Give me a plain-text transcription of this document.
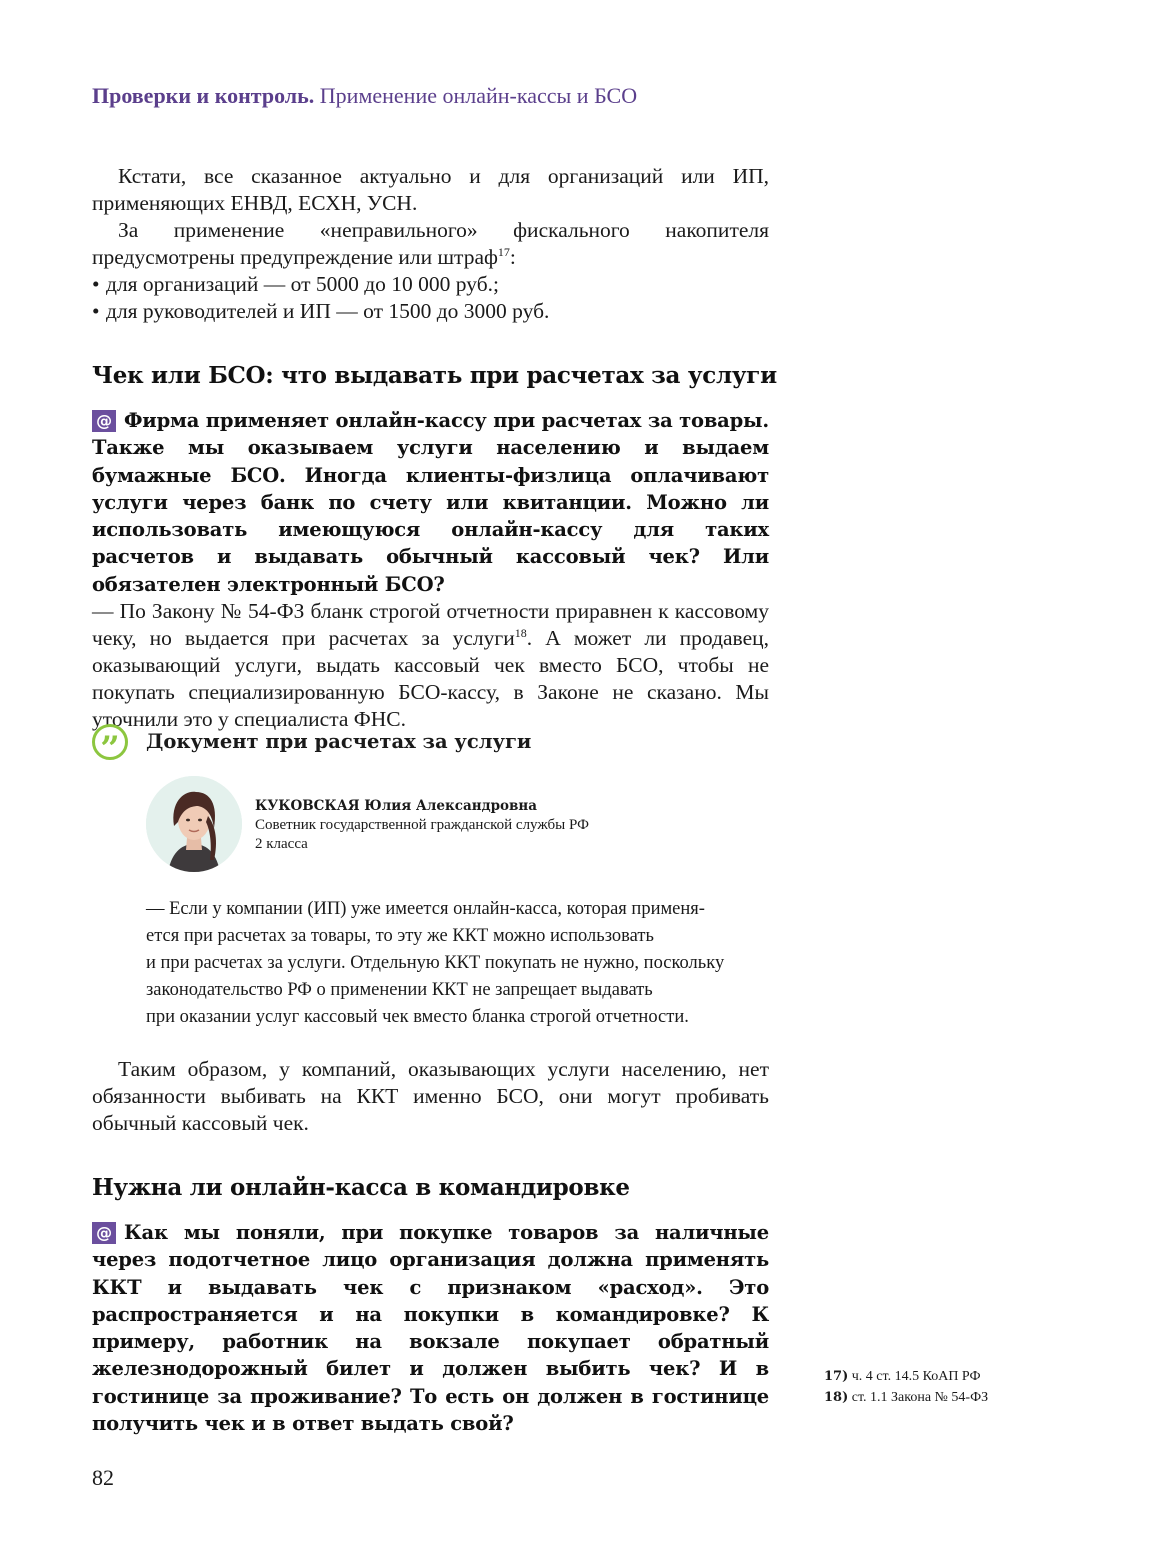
Проверки и контроль. Применение онлайн-кассы и БСО

Кстати, все сказанное актуально и для организаций или ИП, применяющих ЕНВД, ЕСХН, УСН.

За применение «неправильного» фискального накопителя предусмотрены предупреждение или штраф$^{17}$:

• для организаций — от 5000 до 10 000 руб.;

• для руководителей и ИП — от 1500 до 3000 руб.

Чек или БСО: что выдавать при расчетах за услуги

@ Фирма применяет онлайн-кассу при расчетах за товары. Также мы оказываем услуги населению и выдаем бумажные БСО. Иногда клиенты-физлица оплачивают услуги через банк по счету или квитанции. Можно ли использовать имеющуюся онлайн-кассу для таких расчетов и выдавать обычный кассовый чек? Или обязателен электронный БСО?

— По Закону № 54-ФЗ бланк строгой отчетности приравнен к кассовому чеку, но выдается при расчетах за услуги$^{18}$. А может ли продавец, оказывающий услуги, выдать кассовый чек вместо БСО, чтобы не покупать специализированную БСО-кассу, в Законе не сказано. Мы уточнили это у специалиста ФНС.

”	Документ при расчетах за услуги
КУКОВСКАЯ Юлия Александровна
Советник государственной гражданской службы РФ
2 класса
— Если у компании (ИП) уже имеется онлайн-касса, которая применя-
ется при расчетах за товары, то эту же ККТ можно использовать
и при расчетах за услуги. Отдельную ККТ покупать не нужно, поскольку
законодательство РФ о применении ККТ не запрещает выдавать
при оказании услуг кассовый чек вместо бланка строгой отчетности.

Таким образом, у компаний, оказывающих услуги населению, нет обязанности выбивать на ККТ именно БСО, они могут пробивать обычный кассовый чек.

Нужна ли онлайн-касса в командировке

@ Как мы поняли, при покупке товаров за наличные через подотчетное лицо организация должна применять ККТ и выдавать чек с признаком «расход». Это распространяется и на покупки в командировке? К примеру, работник на вокзале покупает обратный железнодорожный билет и должен выбить чек? И в гостинице за проживание? То есть он должен в гостинице получить чек и в ответ выдать свой?

17) ч. 4 ст. 14.5 КоАП РФ
18) ст. 1.1 Закона № 54-ФЗ
82
